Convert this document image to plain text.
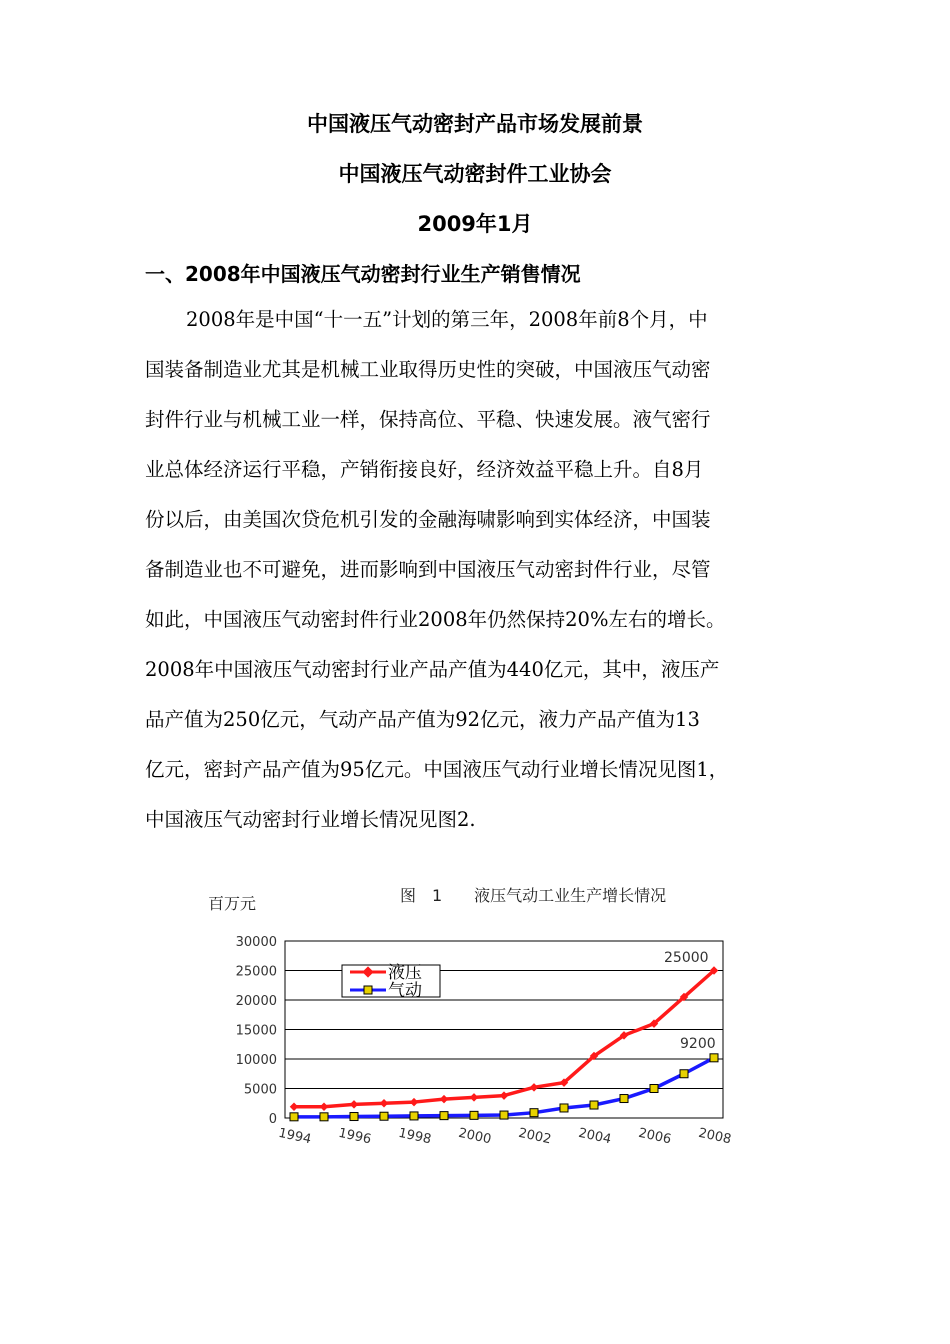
中国液压气动密封产品市场发展前景
中国液压气动密封件工业协会
2009年1月
一、2008年中国液压气动密封行业生产销售情况
2008年是中国“十一五”计划的第三年，2008年前8个月，中
国装备制造业尤其是机械工业取得历史性的突破，中国液压气动密
封件行业与机械工业一样，保持高位、平稳、快速发展。液气密行
业总体经济运行平稳，产销衔接良好，经济效益平稳上升。自8月
份以后，由美国次贷危机引发的金融海啸影响到实体经济，中国装
备制造业也不可避免，进而影响到中国液压气动密封件行业，尽管
如此，中国液压气动密封件行业2008年仍然保持20%左右的增长。
2008年中国液压气动密封行业产品产值为440亿元，其中，液压产
品产值为250亿元，气动产品产值为92亿元，液力产品产值为13
亿元，密封产品产值为95亿元。中国液压气动行业增长情况见图1，
中国液压气动密封行业增长情况见图2.
图　1　　液压气动工业生产增长情况
百万元
0
5000
10000
15000
20000
25000
30000
1994 1996 1998 2000 2002 2004 2006 2008
液压
气动
25000
9200
